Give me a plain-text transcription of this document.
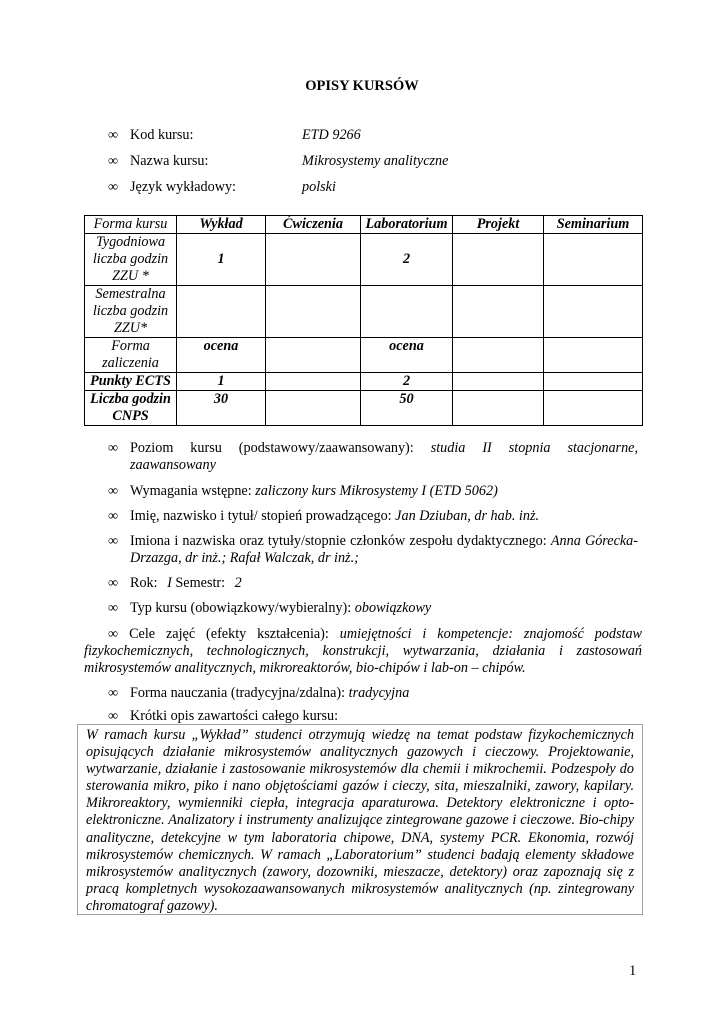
OPISY KURSÓW
∞ Kod kursu:	ETD 9266
∞ Nazwa kursu:	Mikrosystemy analityczne
∞ Język wykładowy:	polski
Forma kursu	Wykład	Ćwiczenia	Laboratorium	Projekt	Seminarium
Tygodniowa liczba godzin ZZU *	1		2		
Semestralna liczba godzin ZZU*					
Forma zaliczenia	ocena		ocena		
Punkty ECTS	1		2		
Liczba godzin CNPS	30		50		
∞ Poziom kursu (podstawowy/zaawansowany): studia II stopnia stacjonarne, zaawansowany
∞ Wymagania wstępne: zaliczony kurs Mikrosystemy I (ETD 5062)
∞ Imię, nazwisko i tytuł/ stopień prowadzącego: Jan Dziuban, dr hab. inż.
∞ Imiona i nazwiska oraz tytuły/stopnie członków zespołu dydaktycznego: Anna Górecka-Drzazga, dr inż.; Rafał Walczak, dr inż.;
∞ Rok: I Semestr: 2
∞ Typ kursu (obowiązkowy/wybieralny): obowiązkowy
∞ Cele zajęć (efekty kształcenia): umiejętności i kompetencje: znajomość podstaw fizykochemicznych, technologicznych, konstrukcji, wytwarzania, działania i zastosowań mikrosystemów analitycznych, mikroreaktorów, bio-chipów i lab-on – chipów.
∞ Forma nauczania (tradycyjna/zdalna): tradycyjna
∞ Krótki opis zawartości całego kursu:
W ramach kursu „Wykład” studenci otrzymują wiedzę na temat podstaw fizykochemicznych opisujących działanie mikrosystemów analitycznych gazowych i cieczowy. Projektowanie, wytwarzanie, działanie i zastosowanie mikrosystemów dla chemii i mikrochemii. Podzespoły do sterowania mikro, piko i nano objętościami gazów i cieczy, sita, mieszalniki, zawory, kapilary. Mikroreaktory, wymienniki ciepła, integracja aparaturowa. Detektory elektroniczne i opto-elektroniczne. Analizatory i instrumenty analizujące zintegrowane gazowe i cieczowe. Bio-chipy analityczne, detekcyjne w tym laboratoria chipowe, DNA, systemy PCR. Ekonomia, rozwój mikrosystemów chemicznych. W ramach „Laboratorium” studenci badają elementy składowe mikrosystemów analitycznych (zawory, dozowniki, mieszacze, detektory) oraz zapoznają się z pracą kompletnych wysokozaawansowanych mikrosystemów analitycznych (np. zintegrowany chromatograf gazowy).
1
